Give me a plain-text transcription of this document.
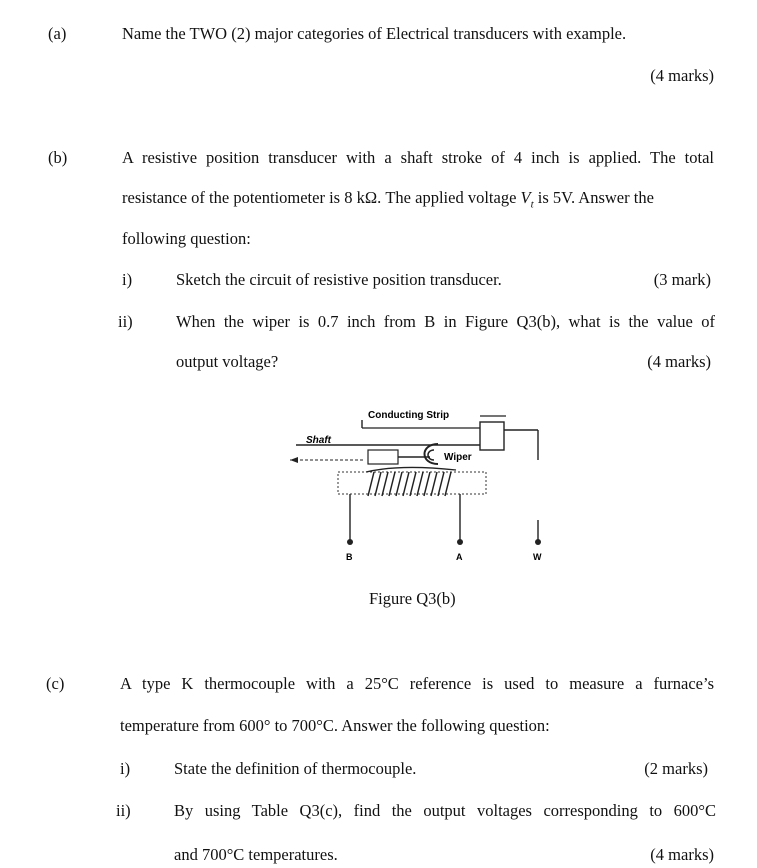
(a)	Name the TWO (2) major categories of Electrical transducers with example.
(4 marks)
(b)	A resistive position transducer with a shaft stroke of 4 inch is applied. The total
resistance of the potentiometer is 8 kΩ. The applied voltage $V_t$ is 5V. Answer the
following question:
i)	Sketch the circuit of resistive position transducer.	(3 mark)
ii)	When the wiper is 0.7 inch from B in Figure Q3(b), what is the value of
output voltage?	(4 marks)
Conducting Strip
Shaft
Wiper
B	A	W
Figure Q3(b)
(c)	A type K thermocouple with a 25°C reference is used to measure a furnace’s
temperature from 600° to 700°C. Answer the following question:
i)	State the definition of thermocouple.	(2 marks)
ii)	By using Table Q3(c), find the output voltages corresponding to 600°C
and 700°C temperatures.	(4 marks)
